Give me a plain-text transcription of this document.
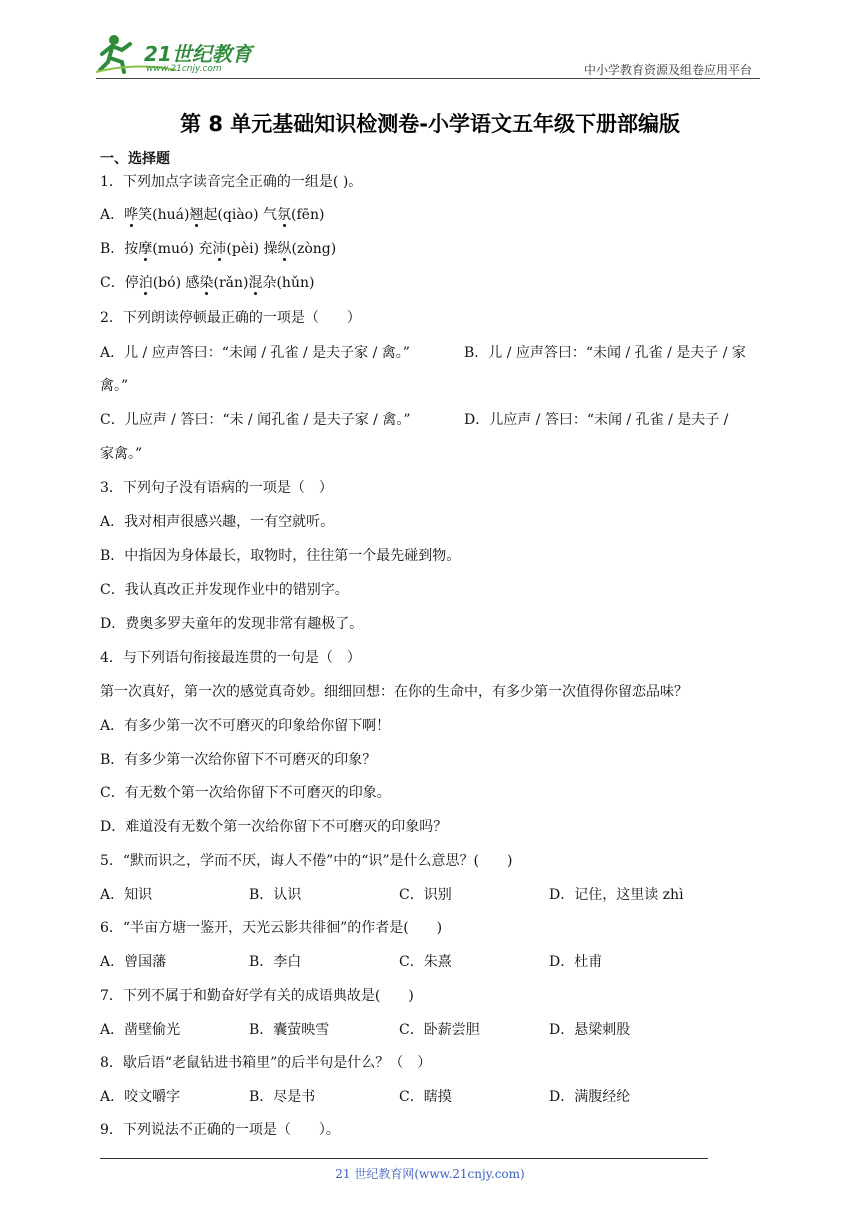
21世纪教育
www.21cnjy.com	中小学教育资源及组卷应用平台
第 8 单元基础知识检测卷-小学语文五年级下册部编版
一、选择题
1．下列加点字读音完全正确的一组是( )。
A．哗笑(huá)翘起(qiào) 气氛(fēn)
B．按摩(muó) 充沛(pèi) 操纵(zòng)
C．停泊(bó) 感染(rǎn)混杂(hǔn)
2．下列朗读停顿最正确的一项是（　　）
A．儿 / 应声答曰：“未闻 / 孔雀 / 是夫子家 / 禽。”	B．儿 / 应声答曰：“未闻 / 孔雀 / 是夫子 / 家
禽。”
C．儿应声 / 答曰：“未 / 闻孔雀 / 是夫子家 / 禽。”	D．儿应声 / 答曰：“未闻 / 孔雀 / 是夫子 /
家禽。”
3．下列句子没有语病的一项是（　）
A．我对相声很感兴趣，一有空就听。
B．中指因为身体最长，取物时，往往第一个最先碰到物。
C．我认真改正并发现作业中的错别字。
D．费奥多罗夫童年的发现非常有趣极了。
4．与下列语句衔接最连贯的一句是（　）
第一次真好，第一次的感觉真奇妙。细细回想：在你的生命中，有多少第一次值得你留恋品味？
A．有多少第一次不可磨灭的印象给你留下啊！
B．有多少第一次给你留下不可磨灭的印象？
C．有无数个第一次给你留下不可磨灭的印象。
D．难道没有无数个第一次给你留下不可磨灭的印象吗？
5．“默而识之，学而不厌，诲人不倦”中的“识”是什么意思？(　　)
A．知识	B．认识	C．识别	D．记住，这里读 zhì
6．“半亩方塘一鉴开，天光云影共徘徊”的作者是(　　)
A．曾国藩	B．李白	C．朱熹	D．杜甫
7．下列不属于和勤奋好学有关的成语典故是(　　)
A．凿壁偷光	B．囊萤映雪	C．卧薪尝胆	D．悬梁刺股
8．歇后语“老鼠钻进书箱里”的后半句是什么？（　）
A．咬文嚼字	B．尽是书	C．瞎摸	D．满腹经纶
9．下列说法不正确的一项是（　　）。
21 世纪教育网(www.21cnjy.com)
